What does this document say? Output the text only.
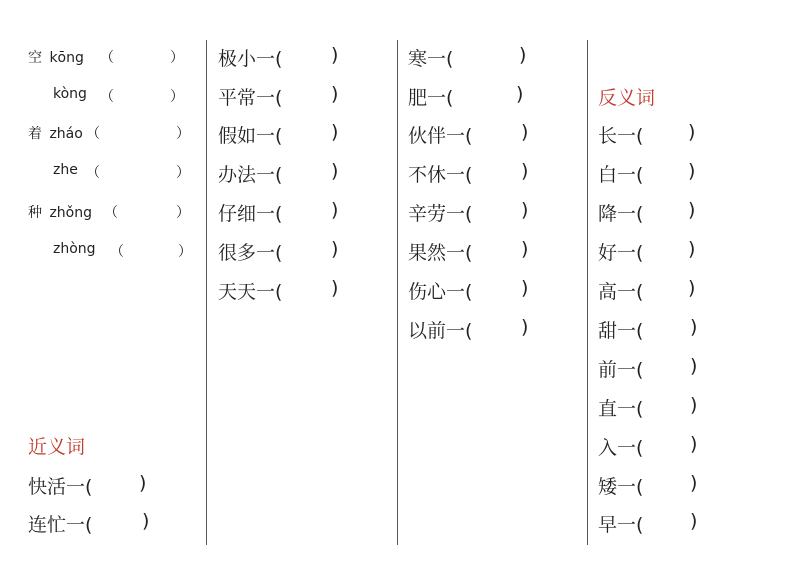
空 kōng （	）
kòng （	）
着 zháo （	）
zhe （	）
种 zhǒng （	）
zhòng （	）
近义词
快活一( )
连忙一(	)
极小一(	)
平常一(	)
假如一(	)
办法一(	)
仔细一(	)
很多一(	)
天天一(	)
寒一(	)
肥一(	)
伙伴一(	)
不休一(	)
辛劳一(	)
果然一(	)
伤心一(	)
以前一(	)
反义词
长一( )
白一( )
降一( )
好一( )
高一( )
甜一( )
前一( )
直一( )
入一( )
矮一( )
早一( )
